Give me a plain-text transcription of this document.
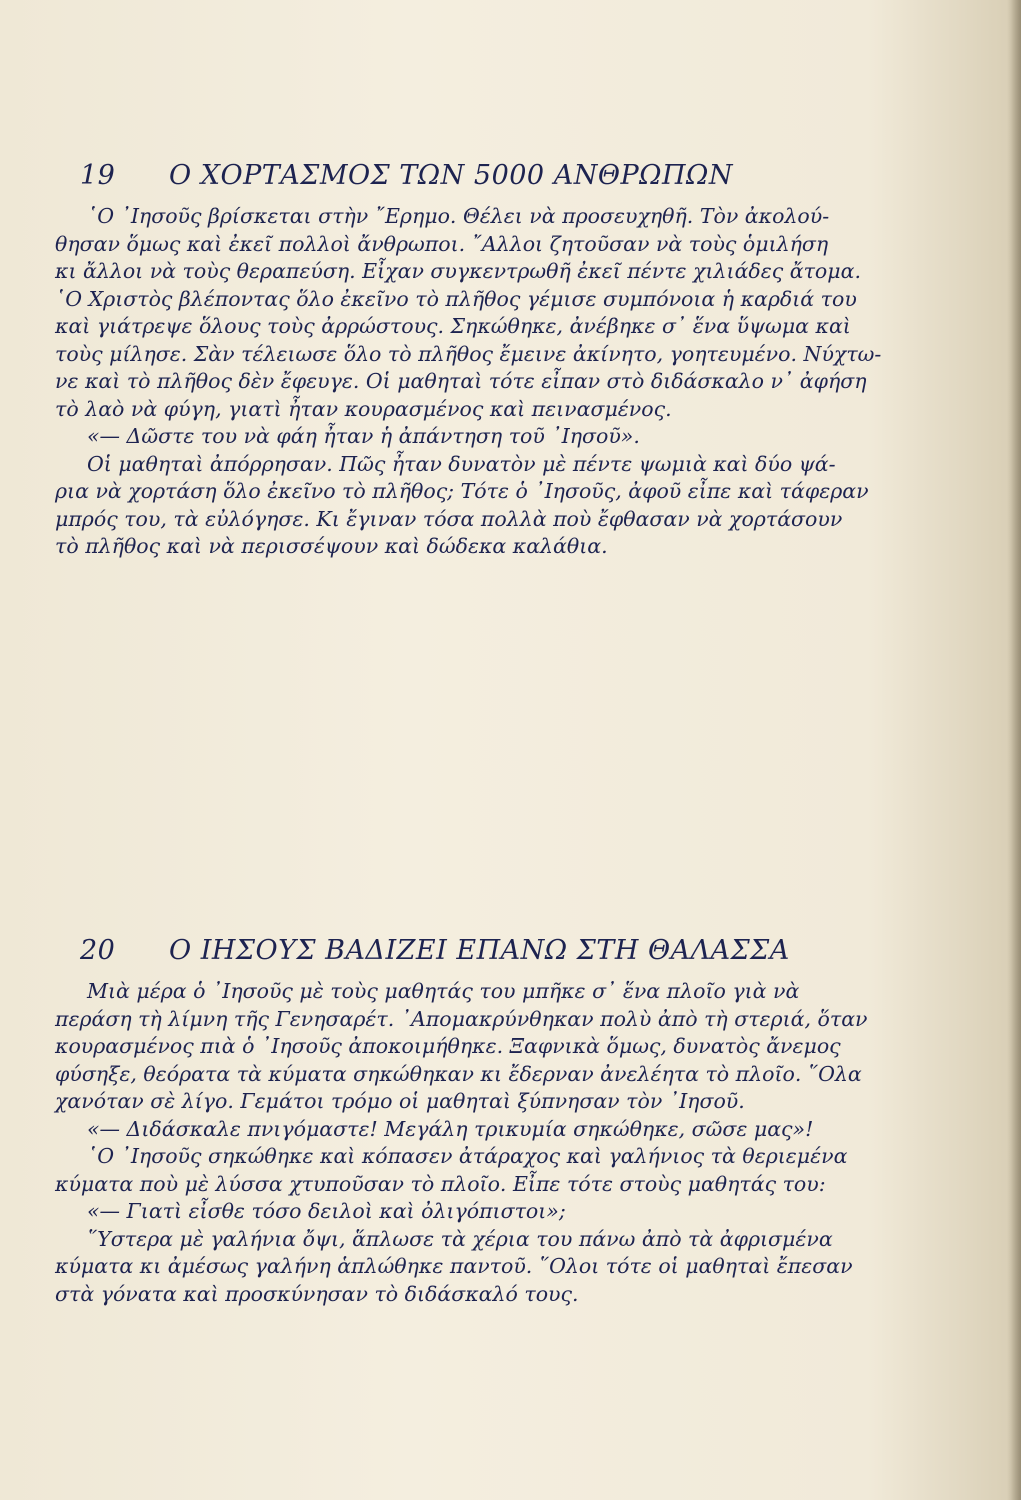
19	Ο ΧΟΡΤΑΣΜΟΣ ΤΩΝ 5000 ΑΝΘΡΩΠΩΝ

῾Ο ᾿Ιησοῦς βρίσκεται στὴν ῎Ερημο. Θέλει νὰ προσευχηθῆ. Τὸν ἀκολού-
θησαν ὅμως καὶ ἐκεῖ πολλοὶ ἄνθρωποι. ῎Αλλοι ζητοῦσαν νὰ τοὺς ὁμιλήση
κι ἄλλοι νὰ τοὺς θεραπεύση. Εἶχαν συγκεντρωθῆ ἐκεῖ πέντε χιλιάδες ἄτομα.
῾Ο Χριστὸς βλέποντας ὅλο ἐκεῖνο τὸ πλῆθος γέμισε συμπόνοια ἡ καρδιά του
καὶ γιάτρεψε ὅλους τοὺς ἀρρώστους. Σηκώθηκε, ἀνέβηκε σ᾿ ἕνα ὕψωμα καὶ
τοὺς μίλησε. Σὰν τέλειωσε ὅλο τὸ πλῆθος ἔμεινε ἀκίνητο, γοητευμένο. Νύχτω-
νε καὶ τὸ πλῆθος δὲν ἔφευγε. Οἱ μαθηταὶ τότε εἶπαν στὸ διδάσκαλο ν᾿ ἀφήση
τὸ λαὸ νὰ φύγη, γιατὶ ἦταν κουρασμένος καὶ πεινασμένος.
«— Δῶστε του νὰ φάη ἦταν ἡ ἀπάντηση τοῦ ᾿Ιησοῦ».
Οἱ μαθηταὶ ἀπόρρησαν. Πῶς ἦταν δυνατὸν μὲ πέντε ψωμιὰ καὶ δύο ψά-
ρια νὰ χορτάση ὅλο ἐκεῖνο τὸ πλῆθος; Τότε ὁ ᾿Ιησοῦς, ἀφοῦ εἶπε καὶ τάφεραν
μπρός του, τὰ εὐλόγησε. Κι ἔγιναν τόσα πολλὰ ποὺ ἔφθασαν νὰ χορτάσουν
τὸ πλῆθος καὶ νὰ περισσέψουν καὶ δώδεκα καλάθια.

20	Ο ΙΗΣΟΥΣ ΒΑΔΙΖΕΙ ΕΠΑΝΩ ΣΤΗ ΘΑΛΑΣΣΑ

Μιὰ μέρα ὁ ᾿Ιησοῦς μὲ τοὺς μαθητάς του μπῆκε σ᾿ ἕνα πλοῖο γιὰ νὰ
περάση τὴ λίμνη τῆς Γενησαρέτ. ᾿Απομακρύνθηκαν πολὺ ἀπὸ τὴ στεριά, ὅταν
κουρασμένος πιὰ ὁ ᾿Ιησοῦς ἀποκοιμήθηκε. Ξαφνικὰ ὅμως, δυνατὸς ἄνεμος
φύσηξε, θεόρατα τὰ κύματα σηκώθηκαν κι ἔδερναν ἀνελέητα τὸ πλοῖο. ῞Ολα
χανόταν σὲ λίγο. Γεμάτοι τρόμο οἱ μαθηταὶ ξύπνησαν τὸν ᾿Ιησοῦ.
«— Διδάσκαλε πνιγόμαστε! Μεγάλη τρικυμία σηκώθηκε, σῶσε μας»!
῾Ο ᾿Ιησοῦς σηκώθηκε καὶ κόπασεν ἀτάραχος καὶ γαλήνιος τὰ θεριεμένα
κύματα ποὺ μὲ λύσσα χτυποῦσαν τὸ πλοῖο. Εἶπε τότε στοὺς μαθητάς του:
«— Γιατὶ εἶσθε τόσο δειλοὶ καὶ ὀλιγόπιστοι»;
῞Υστερα μὲ γαλήνια ὄψι, ἅπλωσε τὰ χέρια του πάνω ἀπὸ τὰ ἀφρισμένα
κύματα κι ἀμέσως γαλήνη ἁπλώθηκε παντοῦ. ῞Ολοι τότε οἱ μαθηταὶ ἔπεσαν
στὰ γόνατα καὶ προσκύνησαν τὸ διδάσκαλό τους.
